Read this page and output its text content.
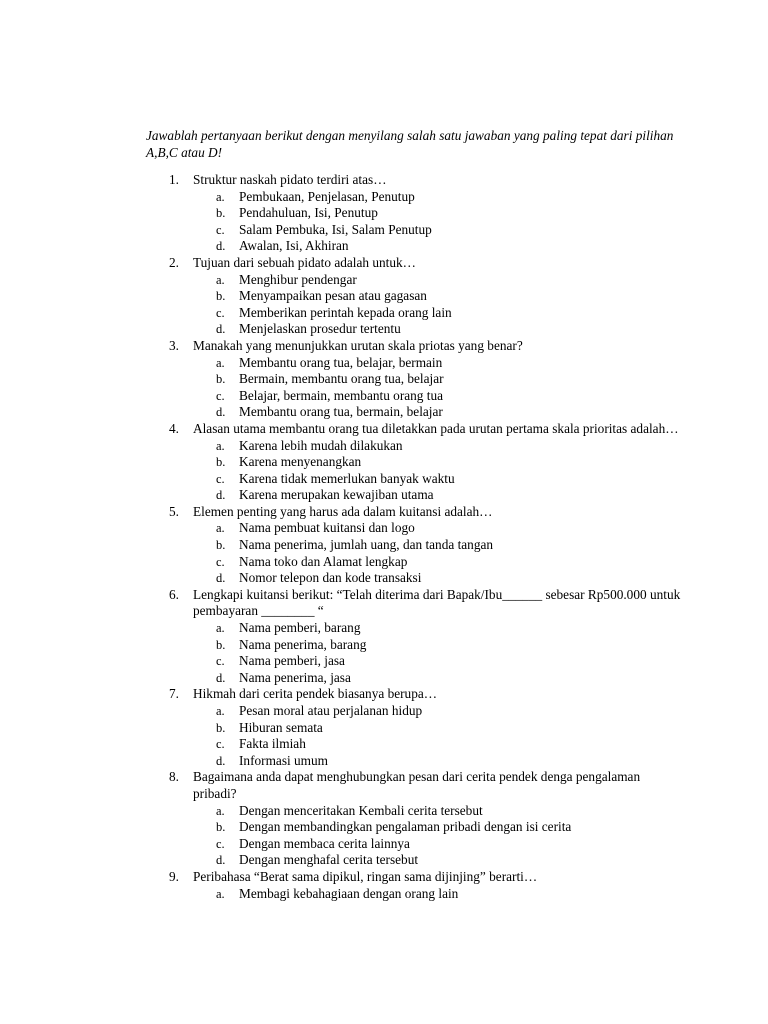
Jawablah pertanyaan berikut dengan menyilang salah satu jawaban yang paling tepat dari pilihan A,B,C atau D!

1. Struktur naskah pidato terdiri atas…
a. Pembukaan, Penjelasan, Penutup
b. Pendahuluan, Isi, Penutup
c. Salam Pembuka, Isi, Salam Penutup
d. Awalan, Isi, Akhiran
2. Tujuan dari sebuah pidato adalah untuk…
a. Menghibur pendengar
b. Menyampaikan pesan atau gagasan
c. Memberikan perintah kepada orang lain
d. Menjelaskan prosedur tertentu
3. Manakah yang menunjukkan urutan skala priotas yang benar?
a. Membantu orang tua, belajar, bermain
b. Bermain, membantu orang tua, belajar
c. Belajar, bermain, membantu orang tua
d. Membantu orang tua, bermain, belajar
4. Alasan utama membantu orang tua diletakkan pada urutan pertama skala prioritas adalah…
a. Karena lebih mudah dilakukan
b. Karena menyenangkan
c. Karena tidak memerlukan banyak waktu
d. Karena merupakan kewajiban utama
5. Elemen penting yang harus ada dalam kuitansi adalah…
a. Nama pembuat kuitansi dan logo
b. Nama penerima, jumlah uang, dan tanda tangan
c. Nama toko dan Alamat lengkap
d. Nomor telepon dan kode transaksi
6. Lengkapi kuitansi berikut: “Telah diterima dari Bapak/Ibu______ sebesar Rp500.000 untuk pembayaran ________ “
a. Nama pemberi, barang
b. Nama penerima, barang
c. Nama pemberi, jasa
d. Nama penerima, jasa
7. Hikmah dari cerita pendek biasanya berupa…
a. Pesan moral atau perjalanan hidup
b. Hiburan semata
c. Fakta ilmiah
d. Informasi umum
8. Bagaimana anda dapat menghubungkan pesan dari cerita pendek denga pengalaman pribadi?
a. Dengan menceritakan Kembali cerita tersebut
b. Dengan membandingkan pengalaman pribadi dengan isi cerita
c. Dengan membaca cerita lainnya
d. Dengan menghafal cerita tersebut
9. Peribahasa “Berat sama dipikul, ringan sama dijinjing” berarti…
a. Membagi kebahagiaan dengan orang lain
